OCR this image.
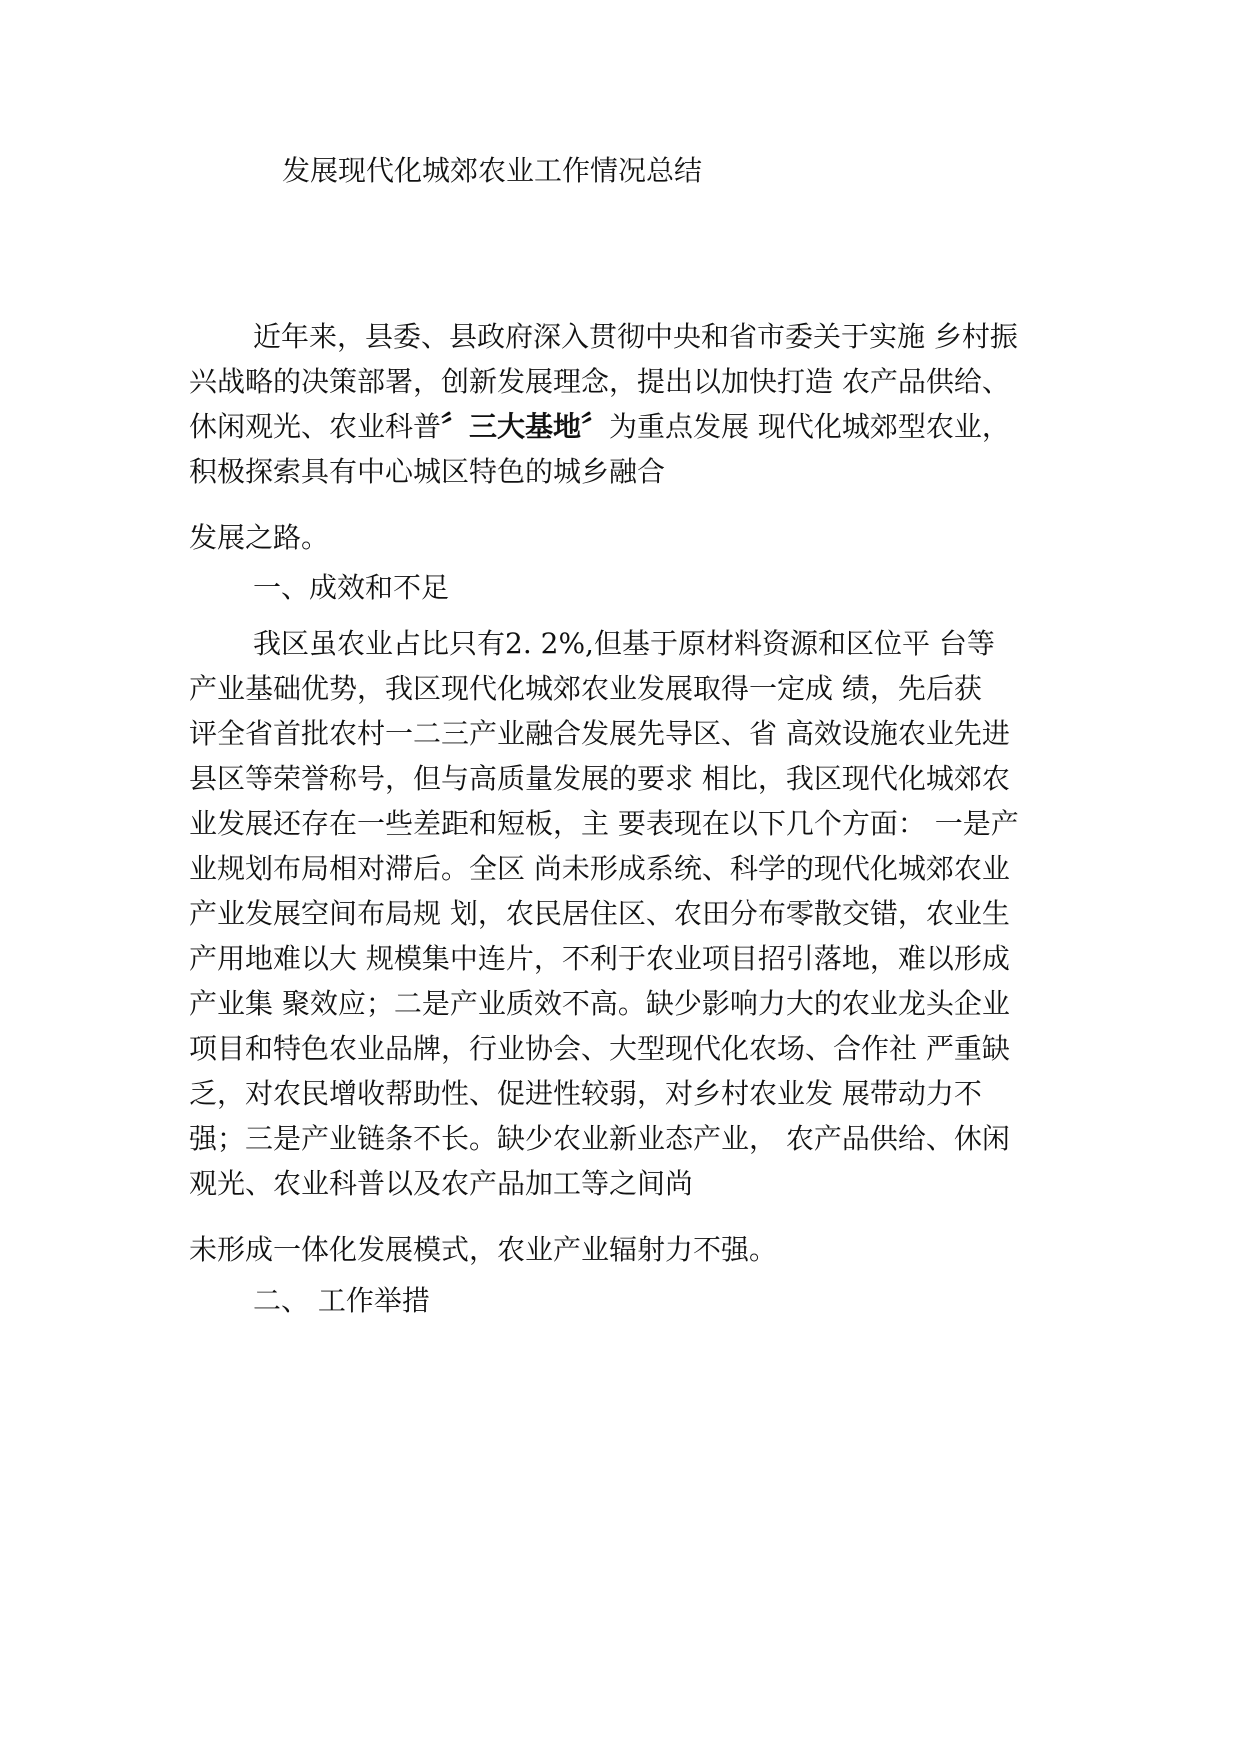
发展现代化城郊农业工作情况总结
近年来，县委、县政府深入贯彻中央和省市委关于实施 乡村振
兴战略的决策部署，创新发展理念，提出以加快打造 农产品供给、
休闲观光、农业科普〞三大基地〞为重点发展 现代化城郊型农业，
积极探索具有中心城区特色的城乡融合
发展之路。
一、成效和不足
我区虽农业占比只有2. 2%,但基于原材料资源和区位平 台等
产业基础优势，我区现代化城郊农业发展取得一定成 绩，先后获
评全省首批农村一二三产业融合发展先导区、省 高效设施农业先进
县区等荣誉称号，但与高质量发展的要求 相比，我区现代化城郊农
业发展还存在一些差距和短板，主 要表现在以下几个方面： 一是产
业规划布局相对滞后。全区 尚未形成系统、科学的现代化城郊农业
产业发展空间布局规 划，农民居住区、农田分布零散交错，农业生
产用地难以大 规模集中连片，不利于农业项目招引落地，难以形成
产业集 聚效应；二是产业质效不高。缺少影响力大的农业龙头企业
项目和特色农业品牌，行业协会、大型现代化农场、合作社 严重缺
乏，对农民增收帮助性、促进性较弱，对乡村农业发 展带动力不
强；三是产业链条不长。缺少农业新业态产业， 农产品供给、休闲
观光、农业科普以及农产品加工等之间尚
未形成一体化发展模式，农业产业辐射力不强。
二、 工作举措
